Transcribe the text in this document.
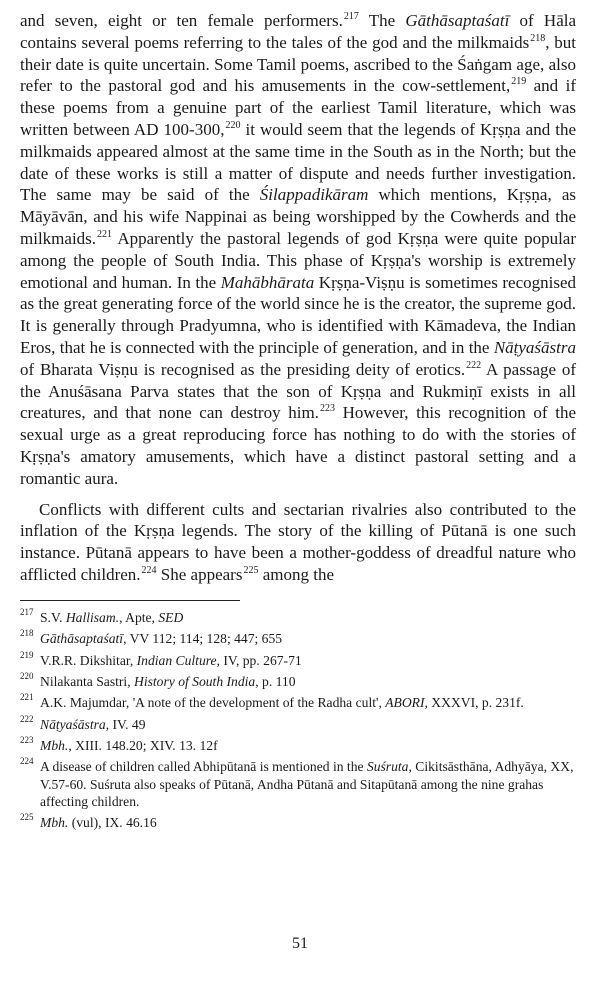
and seven, eight or ten female performers.$^{217}$ The Gāthāsaptaśatī of Hāla contains several poems referring to the tales of the god and the milkmaids$^{218}$, but their date is quite uncertain. Some Tamil poems, ascribed to the Śaṅgam age, also refer to the pastoral god and his amusements in the cow-settlement,$^{219}$ and if these poems from a genuine part of the earliest Tamil literature, which was written between AD 100-300,$^{220}$ it would seem that the legends of Kṛṣṇa and the milkmaids appeared almost at the same time in the South as in the North; but the date of these works is still a matter of dispute and needs further investigation. The same may be said of the Śilappadikāram which mentions, Kṛṣṇa, as Māyāvān, and his wife Nappinai as being worshipped by the Cowherds and the milkmaids.$^{221}$ Apparently the pastoral legends of god Kṛṣṇa were quite popular among the people of South India. This phase of Kṛṣṇa's worship is extremely emotional and human. In the Mahābhārata Kṛṣṇa-Viṣṇu is sometimes recognised as the great generating force of the world since he is the creator, the supreme god. It is generally through Pradyumna, who is identified with Kāmadeva, the Indian Eros, that he is connected with the principle of generation, and in the Nāṭyaśāstra of Bharata Viṣṇu is recognised as the presiding deity of erotics.$^{222}$ A passage of the Anuśāsana Parva states that the son of Kṛṣṇa and Rukmiṇī exists in all creatures, and that none can destroy him.$^{223}$ However, this recognition of the sexual urge as a great reproducing force has nothing to do with the stories of Kṛṣṇa's amatory amusements, which have a distinct pastoral setting and a romantic aura.

Conflicts with different cults and sectarian rivalries also contributed to the inflation of the Kṛṣṇa legends. The story of the killing of Pūtanā is one such instance. Pūtanā appears to have been a mother-goddess of dreadful nature who afflicted children.$^{224}$ She appears$^{225}$ among the

217 S.V. Hallisam., Apte, SED
218 Gāthāsaptaśatī, VV 112; 114; 128; 447; 655
219 V.R.R. Dikshitar, Indian Culture, IV, pp. 267-71
220 Nilakanta Sastri, History of South India, p. 110
221 A.K. Majumdar, 'A note of the development of the Radha cult', ABORI, XXXVI, p. 231f.
222 Nāṭyaśāstra, IV. 49
223 Mbh., XIII. 148.20; XIV. 13. 12f
224 A disease of children called Abhipūtanā is mentioned in the Suśruta, Cikitsāsthāna, Adhyāya, XX, V.57-60. Suśruta also speaks of Pūtanā, Andha Pūtanā and Sitapūtanā among the nine grahas affecting children.
225 Mbh. (vul), IX. 46.16
51
